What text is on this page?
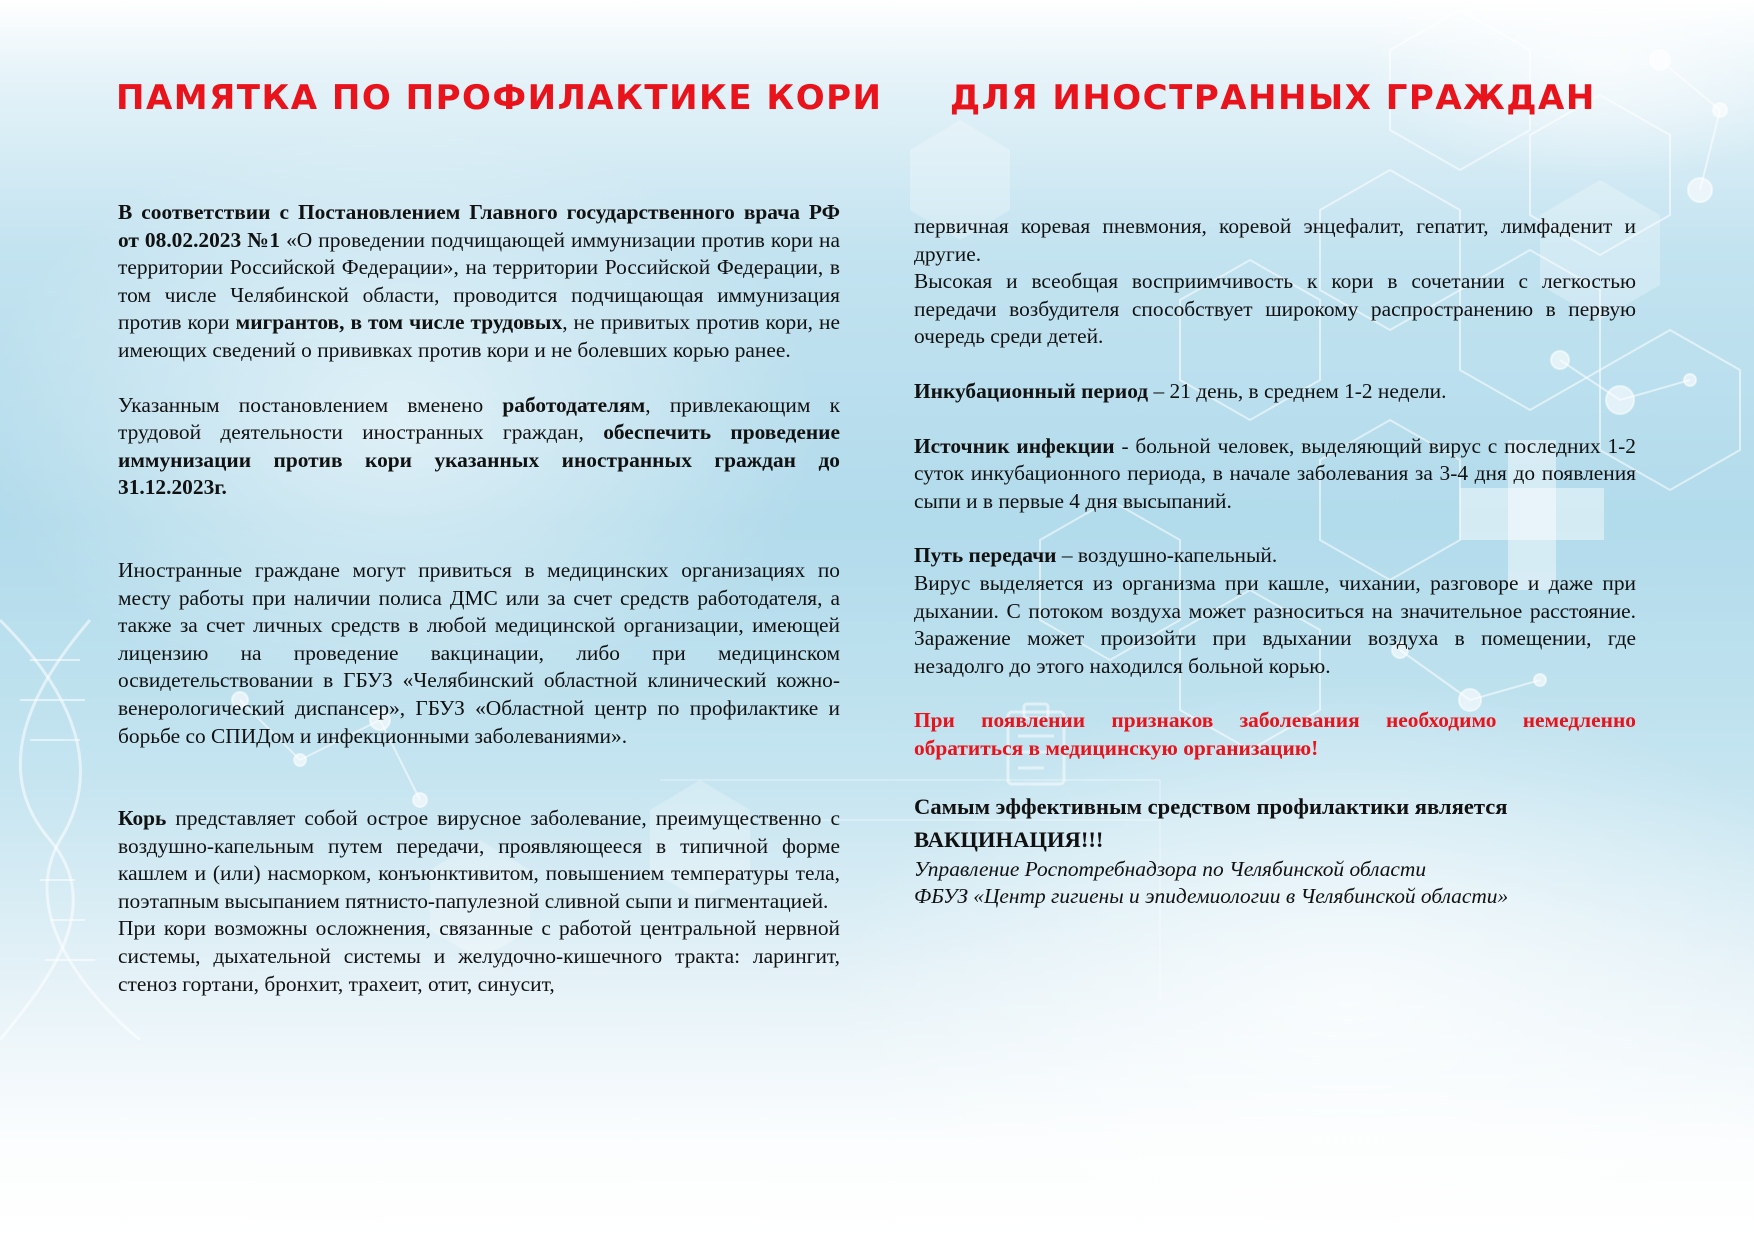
ПАМЯТКА ПО ПРОФИЛАКТИКЕ КОРИ ДЛЯ ИНОСТРАННЫХ ГРАЖДАН

В соответствии с Постановлением Главного государственного врача РФ от 08.02.2023 №1 «О проведении подчищающей иммунизации против кори на территории Российской Федерации», на территории Российской Федерации, в том числе Челябинской области, проводится подчищающая иммунизация против кори мигрантов, в том числе трудовых, не привитых против кори, не имеющих сведений о прививках против кори и не болевших корью ранее.

Указанным постановлением вменено работодателям, привлекающим к трудовой деятельности иностранных граждан, обеспечить проведение иммунизации против кори указанных иностранных граждан до 31.12.2023г.

Иностранные граждане могут привиться в медицинских организациях по месту работы при наличии полиса ДМС или за счет средств работодателя, а также за счет личных средств в любой медицинской организации, имеющей лицензию на проведение вакцинации, либо при медицинском освидетельствовании в ГБУЗ «Челябинский областной клинический кожно-венерологический диспансер», ГБУЗ «Областной центр по профилактике и борьбе со СПИДом и инфекционными заболеваниями».

Корь представляет собой острое вирусное заболевание, преимущественно с воздушно-капельным путем передачи, проявляющееся в типичной форме кашлем и (или) насморком, конъюнктивитом, повышением температуры тела, поэтапным высыпанием пятнисто-папулезной сливной сыпи и пигментацией.

При кори возможны осложнения, связанные с работой центральной нервной системы, дыхательной системы и желудочно-кишечного тракта: ларингит, стеноз гортани, бронхит, трахеит, отит, синусит,

первичная коревая пневмония, коревой энцефалит, гепатит, лимфаденит и другие.

Высокая и всеобщая восприимчивость к кори в сочетании с легкостью передачи возбудителя способствует широкому распространению в первую очередь среди детей.

Инкубационный период – 21 день, в среднем 1-2 недели.

Источник инфекции - больной человек, выделяющий вирус с последних 1-2 суток инкубационного периода, в начале заболевания за 3-4 дня до появления сыпи и в первые 4 дня высыпаний.

Путь передачи – воздушно-капельный.

Вирус выделяется из организма при кашле, чихании, разговоре и даже при дыхании. С потоком воздуха может разноситься на значительное расстояние. Заражение может произойти при вдыхании воздуха в помещении, где незадолго до этого находился больной корью.

При появлении признаков заболевания необходимо немедленно обратиться в медицинскую организацию!

Самым эффективным средством профилактики является
ВАКЦИНАЦИЯ!!!

Управление Роспотребнадзора по Челябинской области
ФБУЗ «Центр гигиены и эпидемиологии в Челябинской области»
